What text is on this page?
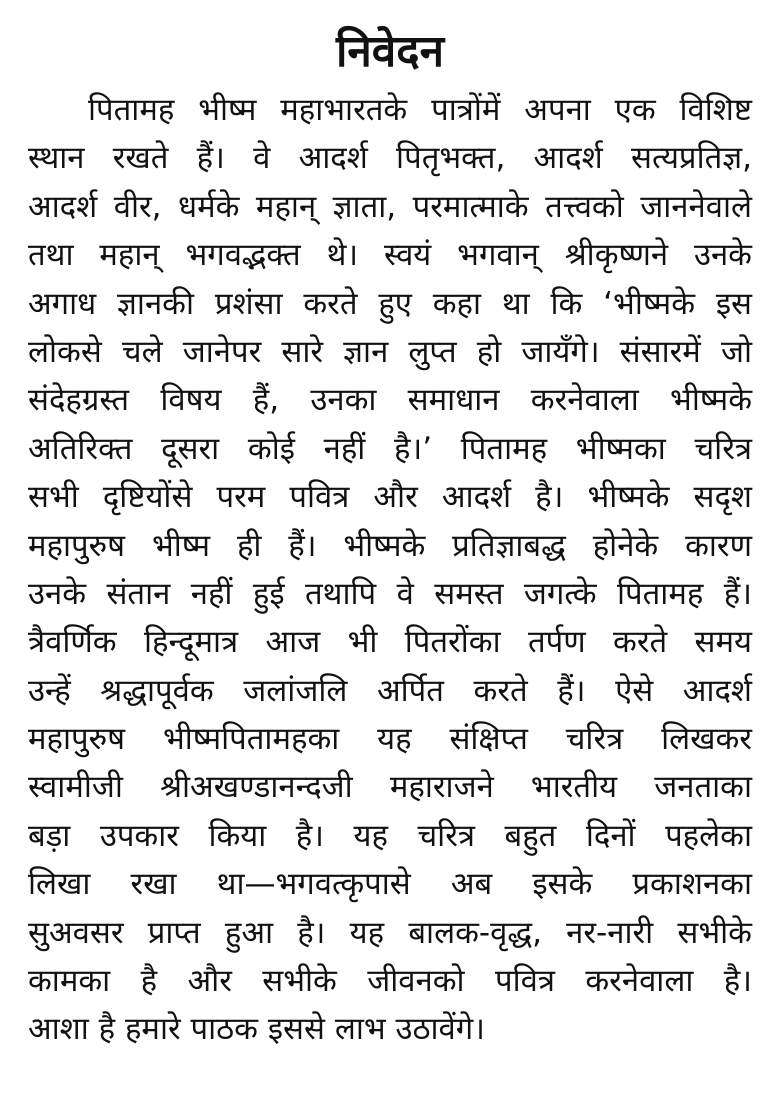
निवेदन
पितामह भीष्म महाभारतके पात्रोंमें अपना एक विशिष्ट
स्थान रखते हैं। वे आदर्श पितृभक्त, आदर्श सत्यप्रतिज्ञ,
आदर्श वीर, धर्मके महान् ज्ञाता, परमात्माके तत्त्वको जाननेवाले
तथा महान् भगवद्भक्त थे। स्वयं भगवान् श्रीकृष्णने उनके
अगाध ज्ञानकी प्रशंसा करते हुए कहा था कि ‘भीष्मके इस
लोकसे चले जानेपर सारे ज्ञान लुप्त हो जायँगे। संसारमें जो
संदेहग्रस्त विषय हैं, उनका समाधान करनेवाला भीष्मके
अतिरिक्त दूसरा कोई नहीं है।’ पितामह भीष्मका चरित्र
सभी दृष्टियोंसे परम पवित्र और आदर्श है। भीष्मके सदृश
महापुरुष भीष्म ही हैं। भीष्मके प्रतिज्ञाबद्ध होनेके कारण
उनके संतान नहीं हुई तथापि वे समस्त जगत्के पितामह हैं।
त्रैवर्णिक हिन्दूमात्र आज भी पितरोंका तर्पण करते समय
उन्हें श्रद्धापूर्वक जलांजलि अर्पित करते हैं। ऐसे आदर्श
महापुरुष भीष्मपितामहका यह संक्षिप्त चरित्र लिखकर
स्वामीजी श्रीअखण्डानन्दजी महाराजने भारतीय जनताका
बड़ा उपकार किया है। यह चरित्र बहुत दिनों पहलेका
लिखा रखा था—भगवत्कृपासे अब इसके प्रकाशनका
सुअवसर प्राप्त हुआ है। यह बालक-वृद्ध, नर-नारी सभीके
कामका है और सभीके जीवनको पवित्र करनेवाला है।
आशा है हमारे पाठक इससे लाभ उठावेंगे।
